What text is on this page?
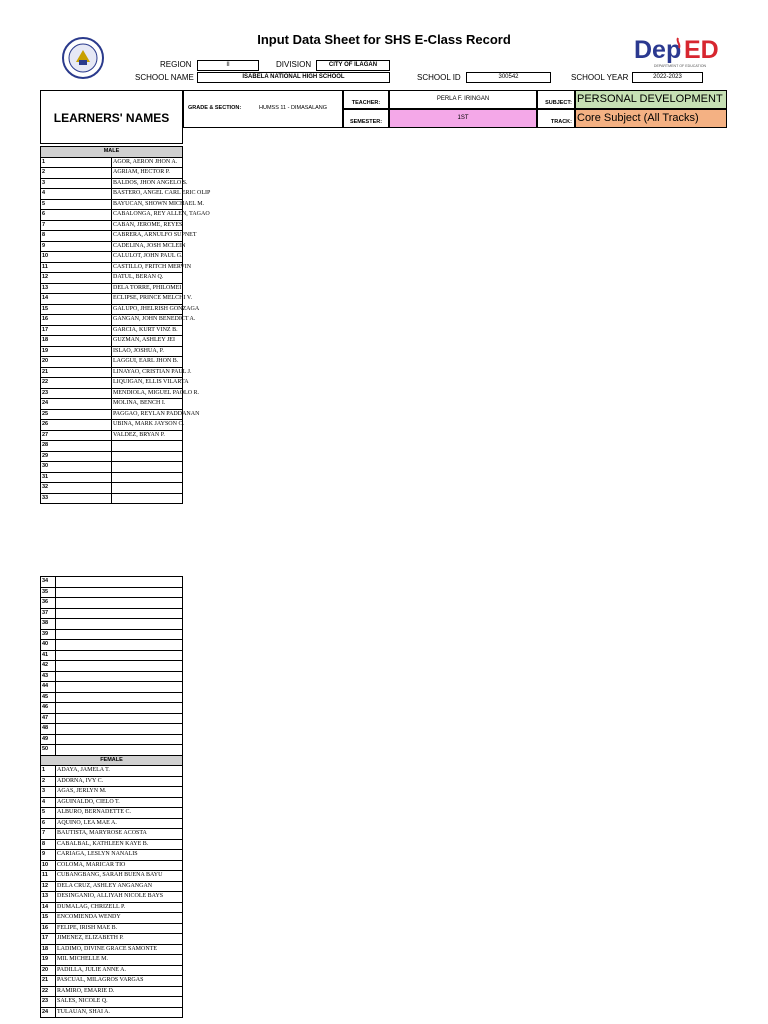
Input Data Sheet for SHS E-Class Record	Dep ED
DEPARTMENT OF EDUCATION
REGION	II	DIVISION	CITY OF ILAGAN
SCHOOL NAME	ISABELA NATIONAL HIGH SCHOOL	SCHOOL ID	300542	SCHOOL YEAR	2022-2023
LEARNERS' NAMES
GRADE & SECTION:	HUMSS 11 - DIMASALANG
TEACHER:
PERLA F. IRINGAN
SEMESTER:
1ST
SUBJECT: PERSONAL DEVELOPMENT
TRACK: Core Subject (All Tracks)
MALE	
1	AGOR, AERON JHON A.
2	AGRIAM, HECTOR P.
3	BALDOS, JHON ANGELO S.
4	BASTERO, ANGEL CARL ERIC OLIP
5	BAYUCAN, SHOWN MICHAEL M.
6	CABALONGA, REY ALLEN, TAGAO
7	CABAN, JEROME, REYES
8	CABRERA, ARNULFO SUPNET
9	CADELINA, JOSH MCLEIN
10	CALULOT, JOHN PAUL G.
11	CASTILLO, FRITCH MERVIN
12	DATUL, BERAN Q.
13	DELA TORRE, PHILOMEI
14	ECLIPSE, PRINCE MELCHI V.
15	GALUPO, JHELRISH GONZAGA
16	GANGAN, JOHN BENEDICT A.
17	GARCIA, KURT VINZ B.
18	GUZMAN, ASHLEY JEI
19	ISLAO, JOSHUA, P.
20	LAGGUI, EARL JHON B.
21	LINAYAO, CRISTIAN PAUL J.
22	LIQUIGAN, ELLIS VILARTA
23	MENDIOLA, MIGUEL PAOLO R.
24	MOLINA, BENCH I.
25	PAGGAO, REYLAN PADDANAN
26	UBINA, MARK JAYSON C.
27	VALDEZ, BRYAN P.
28	
29	
30	
31	
32	
33	
34	
35	
36	
37	
38	
39	
40	
41	
42	
43	
44	
45	
46	
47	
48	
49	
50	
FEMALE	
1	ADAYA, JAMELA T.
2	ADORNA, IVY C.
3	AGAS, JERLYN M.
4	AGUINALDO, CIELO T.
5	ALBURO, BERNADETTE C.
6	AQUINO, LEA MAE A.
7	BAUTISTA, MARYROSE ACOSTA
8	CABALBAL, KATHLEEN KAYE B.
9	CARIAGA, LESLYN NANALIS
10	COLOMA, MARICAR TIO
11	CUBANGBANG, SARAH BUENA BAYU
12	DELA CRUZ, ASHLEY ANGANGAN
13	DESINGANIO, ALLIYAH NICOLE BAYS
14	DUMALAG, CHRIZELL P.
15	ENCOMIENDA WENDY
16	FELIPE, IRISH MAE B.
17	JIMENEZ, ELIZABETH P.
18	LADIMO, DIVINE GRACE SAMONTE
19	MIL MICHELLE M.
20	PADILLA, JULIE ANNE A.
21	PASCUAL, MILAGROS VARGAS
22	RAMIRO, EMARIE D.
23	SALES, NICOLE Q.
24	TULAUAN, SHAI A.
